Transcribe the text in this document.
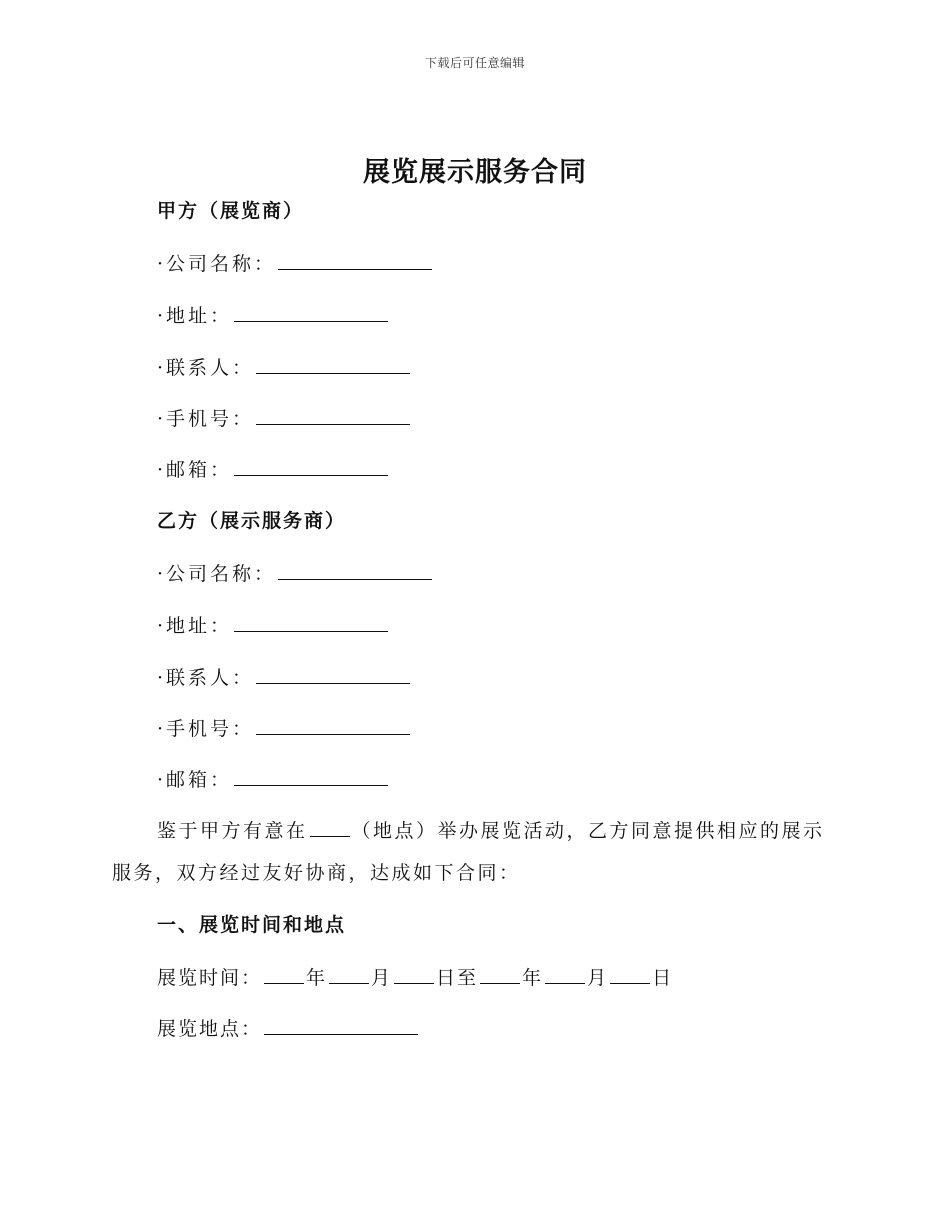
下载后可任意编辑
展览展示服务合同
甲方（展览商）
· 公司名称：
· 地址：
· 联系人：
· 手机号：
· 邮箱：
乙方（展示服务商）
· 公司名称：
· 地址：
· 联系人：
· 手机号：
· 邮箱：
鉴于甲方有意在 （地点）举办展览活动，乙方同意提供相应的展示服务，双方经过友好协商，达成如下合同：
一、展览时间和地点
展览时间： 年 月 日至 年 月 日
展览地点：
